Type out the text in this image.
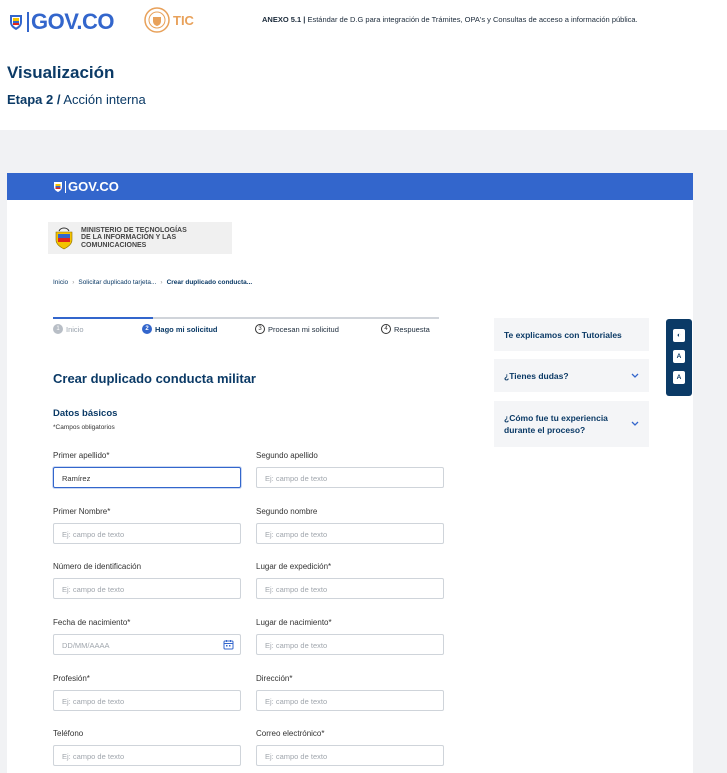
GOV.CO	TIC	ANEXO 5.1 | Estándar de D.G para integración de Trámites, OPA's y Consultas de acceso a información pública.
Visualización
Etapa 2 / Acción interna
GOV.CO
MINISTERIO DE TECNOLOGÍAS
DE LA INFORMACIÓN Y LAS
COMUNICACIONES
Inicio › Solicitar duplicado tarjeta... › Crear duplicado conducta...
1 Inicio	2 Hago mi solicitud	3 Procesan mi solicitud	4 Respuesta
Crear duplicado conducta militar
Datos básicos
*Campos obligatorios
Primer apellido*
Ramírez
Segundo apellido
Ej: campo de texto
Primer Nombre*
Ej: campo de texto
Segundo nombre
Ej: campo de texto
Número de identificación
Ej: campo de texto
Lugar de expedición*
Ej: campo de texto
Fecha de nacimiento*
DD/MM/AAAA
Lugar de nacimiento*
Ej: campo de texto
Profesión*
Ej: campo de texto
Dirección*
Ej: campo de texto
Teléfono
Ej: campo de texto
Correo electrónico*
Ej: campo de texto
Te explicamos con Tutoriales
¿Tienes dudas?
¿Cómo fue tu experiencia
durante el proceso?
◐
A
A
